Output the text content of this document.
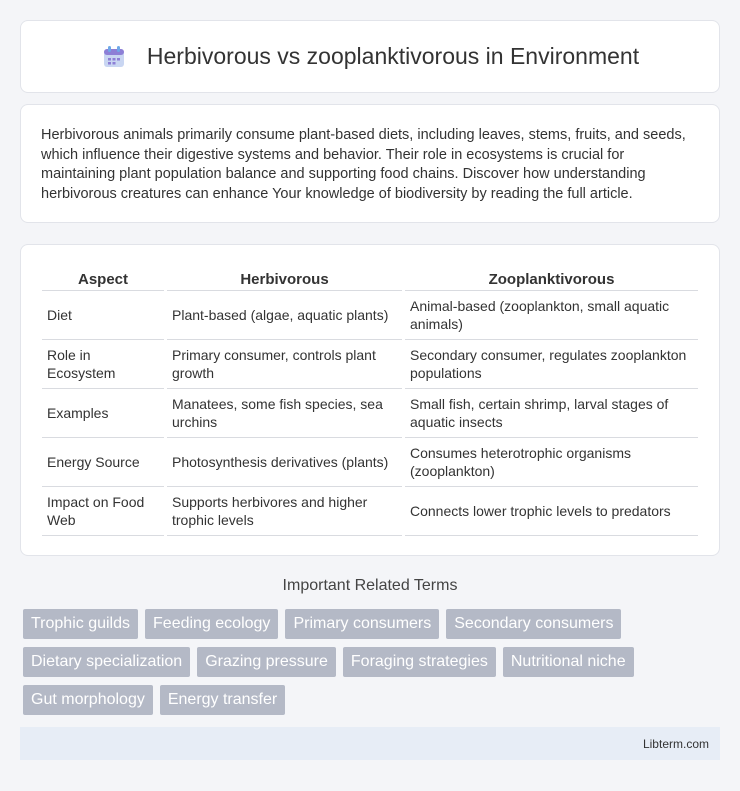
Herbivorous vs zooplanktivorous in Environment

Herbivorous animals primarily consume plant-based diets, including leaves, stems, fruits, and seeds, which influence their digestive systems and behavior. Their role in ecosystems is crucial for maintaining plant population balance and supporting food chains. Discover how understanding herbivorous creatures can enhance Your knowledge of biodiversity by reading the full article.

Aspect	Herbivorous	Zooplanktivorous
Diet	Plant-based (algae, aquatic plants)	Animal-based (zooplankton, small aquatic animals)
Role in Ecosystem	Primary consumer, controls plant growth	Secondary consumer, regulates zooplankton populations
Examples	Manatees, some fish species, sea urchins	Small fish, certain shrimp, larval stages of aquatic insects
Energy Source	Photosynthesis derivatives (plants)	Consumes heterotrophic organisms (zooplankton)
Impact on Food Web	Supports herbivores and higher trophic levels	Connects lower trophic levels to predators
Important Related Terms
Trophic guilds	Feeding ecology	Primary consumers	Secondary consumers
Dietary specialization	Grazing pressure	Foraging strategies	Nutritional niche
Gut morphology	Energy transfer
Libterm.com
